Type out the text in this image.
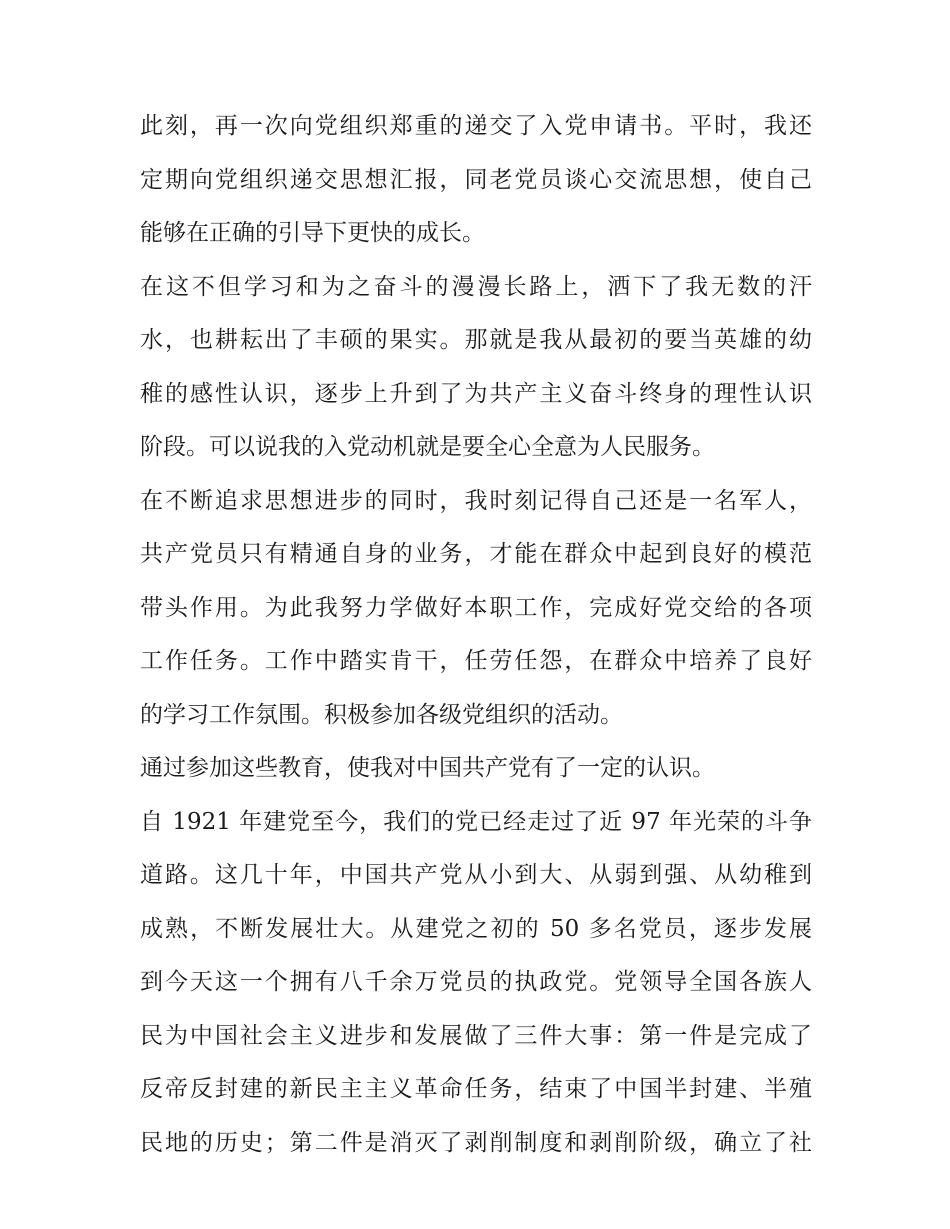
此刻，再一次向党组织郑重的递交了入党申请书。平时，我还
定期向党组织递交思想汇报，同老党员谈心交流思想，使自己
能够在正确的引导下更快的成长。
在这不但学习和为之奋斗的漫漫长路上，洒下了我无数的汗
水，也耕耘出了丰硕的果实。那就是我从最初的要当英雄的幼
稚的感性认识，逐步上升到了为共产主义奋斗终身的理性认识
阶段。可以说我的入党动机就是要全心全意为人民服务。
在不断追求思想进步的同时，我时刻记得自己还是一名军人，
共产党员只有精通自身的业务，才能在群众中起到良好的模范
带头作用。为此我努力学做好本职工作，完成好党交给的各项
工作任务。工作中踏实肯干，任劳任怨，在群众中培养了良好
的学习工作氛围。积极参加各级党组织的活动。
通过参加这些教育，使我对中国共产党有了一定的认识。
自 1921 年建党至今，我们的党已经走过了近 97 年光荣的斗争
道路。这几十年，中国共产党从小到大、从弱到强、从幼稚到
成熟，不断发展壮大。从建党之初的 50 多名党员，逐步发展
到今天这一个拥有八千余万党员的执政党。党领导全国各族人
民为中国社会主义进步和发展做了三件大事：第一件是完成了
反帝反封建的新民主主义革命任务，结束了中国半封建、半殖
民地的历史；第二件是消灭了剥削制度和剥削阶级，确立了社
